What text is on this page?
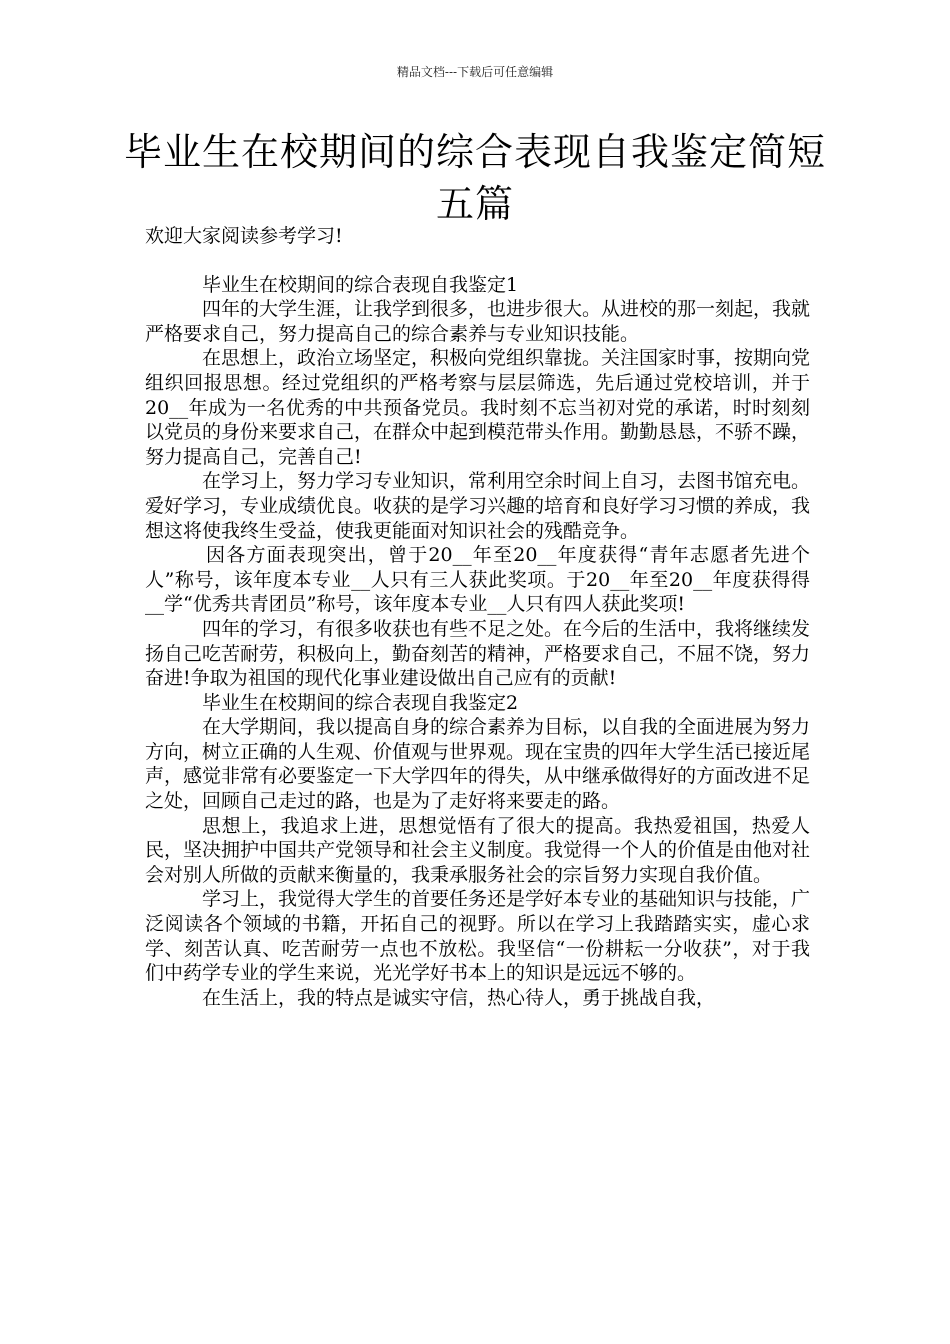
精品文档---下载后可任意编辑
毕业生在校期间的综合表现自我鉴定简短五篇

欢迎大家阅读参考学习!

毕业生在校期间的综合表现自我鉴定1

四年的大学生涯，让我学到很多，也进步很大。从进校的那一刻起，我就严格要求自己，努力提高自己的综合素养与专业知识技能。

在思想上，政治立场坚定，积极向党组织靠拢。关注国家时事，按期向党组织回报思想。经过党组织的严格考察与层层筛选，先后通过党校培训，并于20__年成为一名优秀的中共预备党员。我时刻不忘当初对党的承诺，时时刻刻以党员的身份来要求自己，在群众中起到模范带头作用。勤勤恳恳，不骄不躁，努力提高自己，完善自己!

在学习上，努力学习专业知识，常利用空余时间上自习，去图书馆充电。爱好学习，专业成绩优良。收获的是学习兴趣的培育和良好学习习惯的养成，我想这将使我终生受益，使我更能面对知识社会的残酷竞争。

因各方面表现突出，曾于20__年至20__年度获得“青年志愿者先进个人”称号，该年度本专业__人只有三人获此奖项。于20__年至20__年度获得得__学“优秀共青团员”称号，该年度本专业__人只有四人获此奖项!

四年的学习，有很多收获也有些不足之处。在今后的生活中，我将继续发扬自己吃苦耐劳，积极向上，勤奋刻苦的精神，严格要求自己，不屈不饶，努力奋进!争取为祖国的现代化事业建设做出自己应有的贡献!

毕业生在校期间的综合表现自我鉴定2

在大学期间，我以提高自身的综合素养为目标，以自我的全面进展为努力方向，树立正确的人生观、价值观与世界观。现在宝贵的四年大学生活已接近尾声，感觉非常有必要鉴定一下大学四年的得失，从中继承做得好的方面改进不足之处，回顾自己走过的路，也是为了走好将来要走的路。

思想上，我追求上进，思想觉悟有了很大的提高。我热爱祖国，热爱人民，坚决拥护中国共产党领导和社会主义制度。我觉得一个人的价值是由他对社会对别人所做的贡献来衡量的，我秉承服务社会的宗旨努力实现自我价值。

学习上，我觉得大学生的首要任务还是学好本专业的基础知识与技能，广泛阅读各个领域的书籍，开拓自己的视野。所以在学习上我踏踏实实，虚心求学、刻苦认真、吃苦耐劳一点也不放松。我坚信“一份耕耘一分收获”，对于我们中药学专业的学生来说，光光学好书本上的知识是远远不够的。

在生活上，我的特点是诚实守信，热心待人，勇于挑战自我，
